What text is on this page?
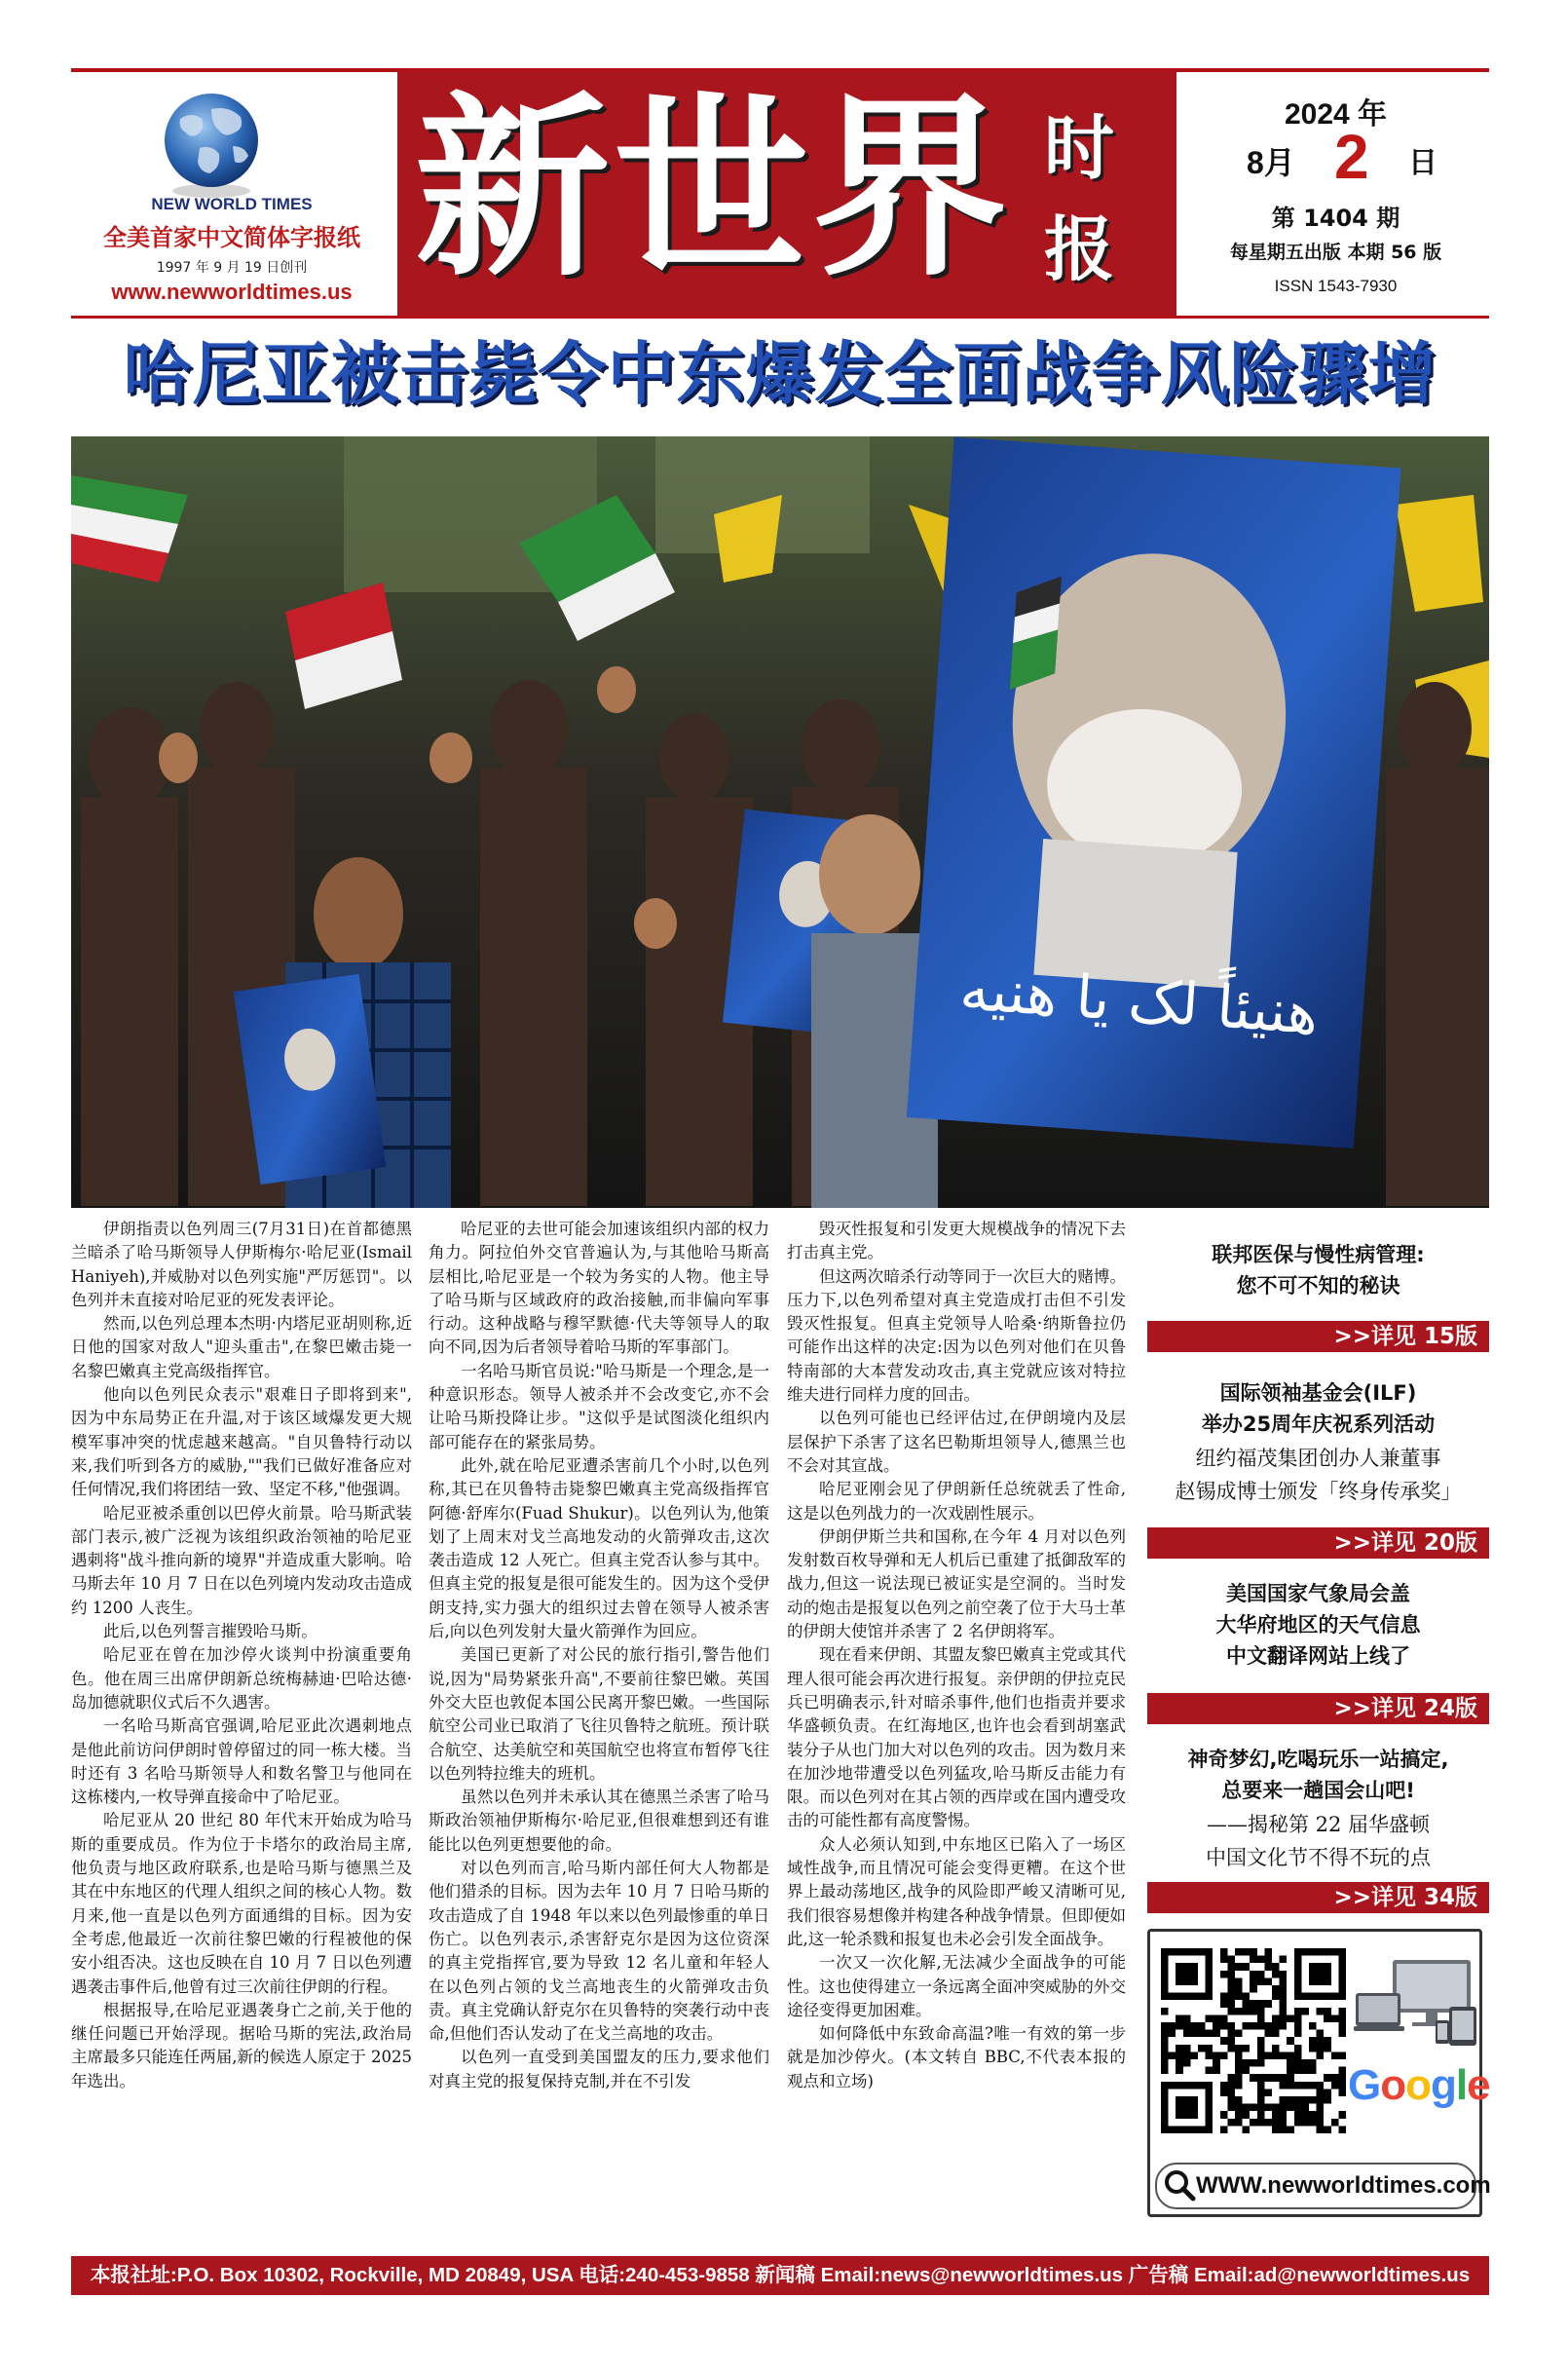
NEW WORLD TIMES
全美首家中文简体字报纸
1997 年 9 月 19 日创刊
www.newworldtimes.us 新 世 界 时
报
2024 年
8月 2 日
第 1404 期
每星期五出版 本期 56 版
ISSN 1543-7930
哈尼亚被击毙令中东爆发全面战争风险骤增
هنیئاً لک یا هنیه

伊朗指责以色列周三(7月31日)在首都德黑兰暗杀了哈马斯领导人伊斯梅尔·哈尼亚(Ismail Haniyeh),并威胁对以色列实施"严厉惩罚"。以色列并未直接对哈尼亚的死发表评论。

然而,以色列总理本杰明·内塔尼亚胡则称,近日他的国家对敌人"迎头重击",在黎巴嫩击毙一名黎巴嫩真主党高级指挥官。

他向以色列民众表示"艰难日子即将到来",因为中东局势正在升温,对于该区域爆发更大规模军事冲突的忧虑越来越高。"自贝鲁特行动以来,我们听到各方的威胁,""我们已做好准备应对任何情况,我们将团结一致、坚定不移,"他强调。

哈尼亚被杀重创以巴停火前景。哈马斯武装部门表示,被广泛视为该组织政治领袖的哈尼亚遇刺将"战斗推向新的境界"并造成重大影响。哈马斯去年 10 月 7 日在以色列境内发动攻击造成约 1200 人丧生。

此后,以色列誓言摧毁哈马斯。

哈尼亚在曾在加沙停火谈判中扮演重要角色。他在周三出席伊朗新总统梅赫迪·巴哈达德·岛加德就职仪式后不久遇害。

一名哈马斯高官强调,哈尼亚此次遇刺地点是他此前访问伊朗时曾停留过的同一栋大楼。当时还有 3 名哈马斯领导人和数名警卫与他同在这栋楼内,一枚导弹直接命中了哈尼亚。

哈尼亚从 20 世纪 80 年代末开始成为哈马斯的重要成员。作为位于卡塔尔的政治局主席,他负责与地区政府联系,也是哈马斯与德黑兰及其在中东地区的代理人组织之间的核心人物。数月来,他一直是以色列方面通缉的目标。因为安全考虑,他最近一次前往黎巴嫩的行程被他的保安小组否决。这也反映在自 10 月 7 日以色列遭遇袭击事件后,他曾有过三次前往伊朗的行程。

根据报导,在哈尼亚遇袭身亡之前,关于他的继任问题已开始浮现。据哈马斯的宪法,政治局主席最多只能连任两届,新的候选人原定于 2025 年选出。

哈尼亚的去世可能会加速该组织内部的权力角力。阿拉伯外交官普遍认为,与其他哈马斯高层相比,哈尼亚是一个较为务实的人物。他主导了哈马斯与区域政府的政治接触,而非偏向军事行动。这种战略与穆罕默德·代夫等领导人的取向不同,因为后者领导着哈马斯的军事部门。

一名哈马斯官员说:"哈马斯是一个理念,是一种意识形态。领导人被杀并不会改变它,亦不会让哈马斯投降让步。"这似乎是试图淡化组织内部可能存在的紧张局势。

此外,就在哈尼亚遭杀害前几个小时,以色列称,其已在贝鲁特击毙黎巴嫩真主党高级指挥官阿德·舒库尔(Fuad Shukur)。以色列认为,他策划了上周末对戈兰高地发动的火箭弹攻击,这次袭击造成 12 人死亡。但真主党否认参与其中。但真主党的报复是很可能发生的。因为这个受伊朗支持,实力强大的组织过去曾在领导人被杀害后,向以色列发射大量火箭弹作为回应。

美国已更新了对公民的旅行指引,警告他们说,因为"局势紧张升高",不要前往黎巴嫩。英国外交大臣也敦促本国公民离开黎巴嫩。一些国际航空公司业已取消了飞往贝鲁特之航班。预计联合航空、达美航空和英国航空也将宣布暂停飞往以色列特拉维夫的班机。

虽然以色列并未承认其在德黑兰杀害了哈马斯政治领袖伊斯梅尔·哈尼亚,但很难想到还有谁能比以色列更想要他的命。

对以色列而言,哈马斯内部任何大人物都是他们猎杀的目标。因为去年 10 月 7 日哈马斯的攻击造成了自 1948 年以来以色列最惨重的单日伤亡。以色列表示,杀害舒克尔是因为这位资深的真主党指挥官,要为导致 12 名儿童和年轻人在以色列占领的戈兰高地丧生的火箭弹攻击负责。真主党确认舒克尔在贝鲁特的突袭行动中丧命,但他们否认发动了在戈兰高地的攻击。

以色列一直受到美国盟友的压力,要求他们对真主党的报复保持克制,并在不引发

毁灭性报复和引发更大规模战争的情况下去打击真主党。

但这两次暗杀行动等同于一次巨大的赌博。压力下,以色列希望对真主党造成打击但不引发毁灭性报复。但真主党领导人哈桑·纳斯鲁拉仍可能作出这样的决定:因为以色列对他们在贝鲁特南部的大本营发动攻击,真主党就应该对特拉维夫进行同样力度的回击。

以色列可能也已经评估过,在伊朗境内及层层保护下杀害了这名巴勒斯坦领导人,德黑兰也不会对其宣战。

哈尼亚刚会见了伊朗新任总统就丢了性命,这是以色列战力的一次戏剧性展示。

伊朗伊斯兰共和国称,在今年 4 月对以色列发射数百枚导弹和无人机后已重建了抵御敌军的战力,但这一说法现已被证实是空洞的。当时发动的炮击是报复以色列之前空袭了位于大马士革的伊朗大使馆并杀害了 2 名伊朗将军。

现在看来伊朗、其盟友黎巴嫩真主党或其代理人很可能会再次进行报复。亲伊朗的伊拉克民兵已明确表示,针对暗杀事件,他们也指责并要求华盛顿负责。在红海地区,也许也会看到胡塞武装分子从也门加大对以色列的攻击。因为数月来在加沙地带遭受以色列猛攻,哈马斯反击能力有限。而以色列对在其占领的西岸或在国内遭受攻击的可能性都有高度警惕。

众人必须认知到,中东地区已陷入了一场区域性战争,而且情况可能会变得更糟。在这个世界上最动荡地区,战争的风险即严峻又清晰可见,我们很容易想像并构建各种战争情景。但即便如此,这一轮杀戮和报复也未必会引发全面战争。

一次又一次化解,无法减少全面战争的可能性。这也使得建立一条远离全面冲突威胁的外交途径变得更加困难。

如何降低中东致命高温?唯一有效的第一步就是加沙停火。(本文转自 BBC,不代表本报的观点和立场)

联邦医保与慢性病管理:
您不可不知的秘诀
>>详见 15版
国际领袖基金会(ILF)
举办25周年庆祝系列活动
纽约福茂集团创办人兼董事
赵锡成博士颁发「终身传承奖」
>>详见 20版
美国国家气象局会盖
大华府地区的天气信息
中文翻译网站上线了
>>详见 24版
神奇梦幻,吃喝玩乐一站搞定,
总要来一趟国会山吧!
——揭秘第 22 届华盛顿
中国文化节不得不玩的点
>>详见 34版
Google
WWW.newworldtimes.com
本报社址:P.O. Box 10302, Rockville, MD 20849, USA 电话:240-453-9858 新闻稿 Email:news@newworldtimes.us 广告稿 Email:ad@newworldtimes.us
